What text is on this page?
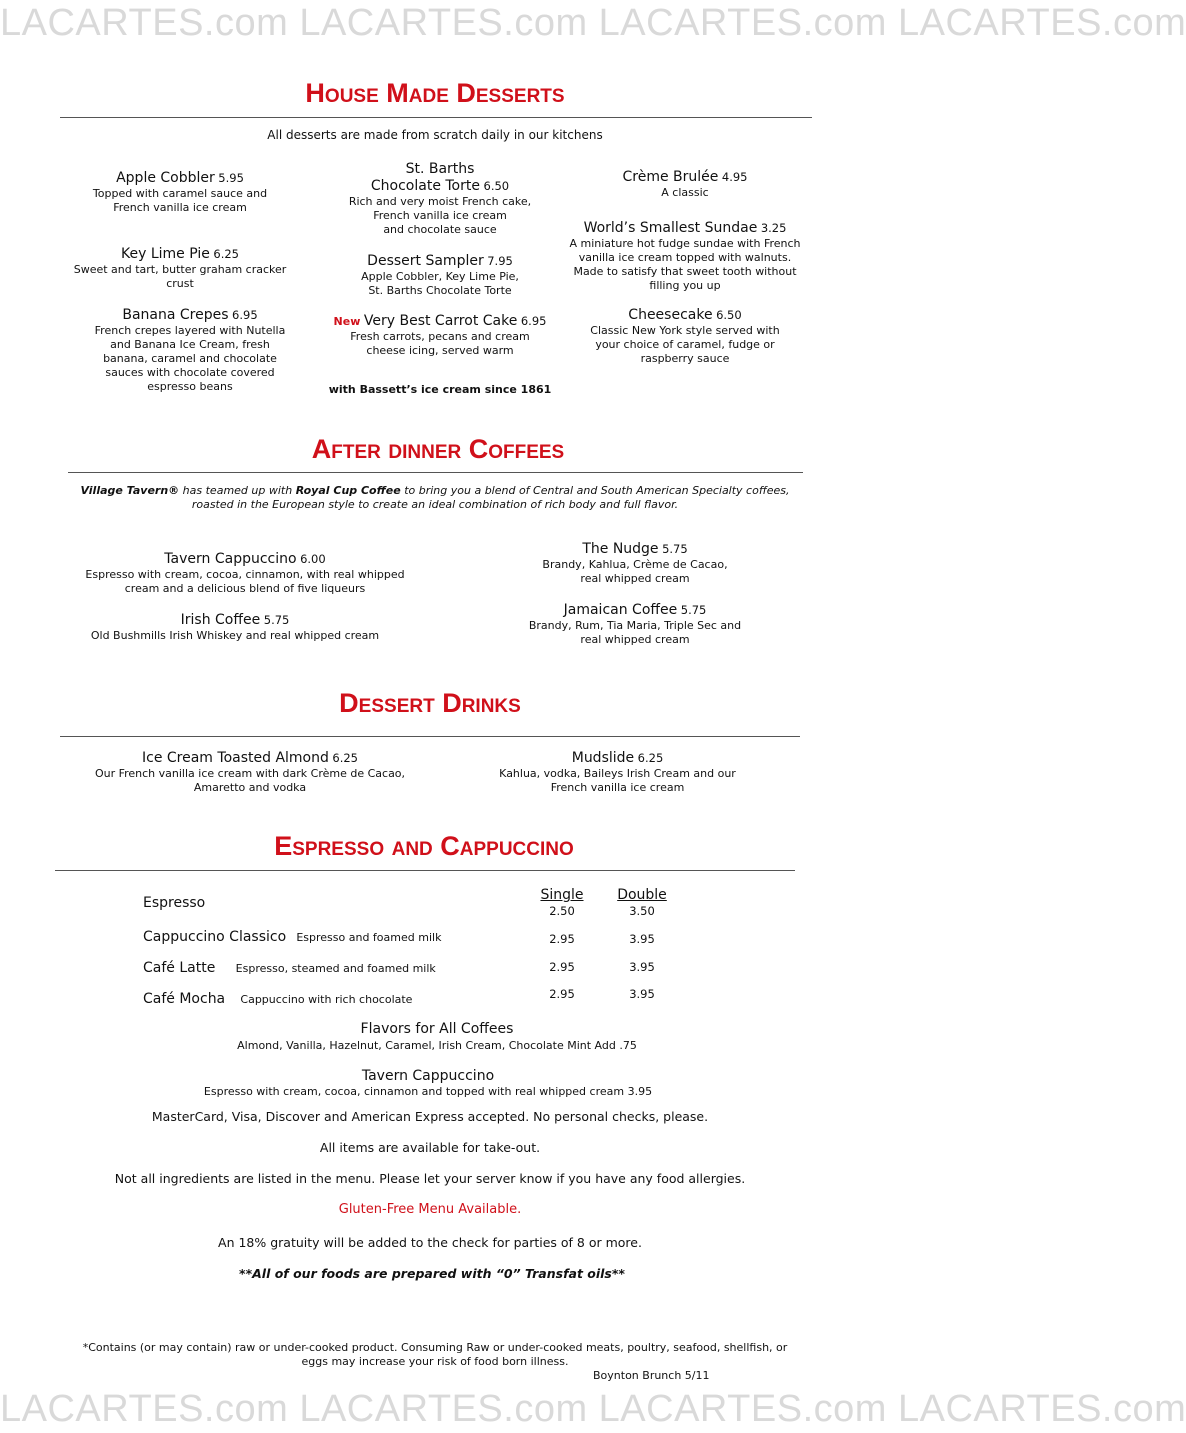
LACARTES.com LACARTES.com LACARTES.com LACARTES.com
LACARTES.com LACARTES.com LACARTES.com LACARTES.com
House Made Desserts
All desserts are made from scratch daily in our kitchens
Apple Cobbler 5.95
Topped with caramel sauce and
French vanilla ice cream
Key Lime Pie 6.25
Sweet and tart, butter graham cracker
crust
Banana Crepes 6.95
French crepes layered with Nutella
and Banana Ice Cream, fresh
banana, caramel and chocolate
sauces with chocolate covered
espresso beans
St. Barths
Chocolate Torte 6.50
Rich and very moist French cake,
French vanilla ice cream
and chocolate sauce
Dessert Sampler 7.95
Apple Cobbler, Key Lime Pie,
St. Barths Chocolate Torte
New Very Best Carrot Cake 6.95
Fresh carrots, pecans and cream
cheese icing, served warm
with Bassett’s ice cream since 1861
Crème Brulée 4.95
A classic
World’s Smallest Sundae 3.25
A miniature hot fudge sundae with French
vanilla ice cream topped with walnuts.
Made to satisfy that sweet tooth without
filling you up
Cheesecake 6.50
Classic New York style served with
your choice of caramel, fudge or
raspberry sauce
After dinner Coffees
Village Tavern® has teamed up with Royal Cup Coffee to bring you a blend of Central and South American Specialty coffees,
roasted in the European style to create an ideal combination of rich body and full flavor.
Tavern Cappuccino 6.00
Espresso with cream, cocoa, cinnamon, with real whipped
cream and a delicious blend of five liqueurs
Irish Coffee 5.75
Old Bushmills Irish Whiskey and real whipped cream
The Nudge 5.75
Brandy, Kahlua, Crème de Cacao,
real whipped cream
Jamaican Coffee 5.75
Brandy, Rum, Tia Maria, Triple Sec and
real whipped cream
Dessert Drinks
Ice Cream Toasted Almond 6.25
Our French vanilla ice cream with dark Crème de Cacao,
Amaretto and vodka
Mudslide 6.25
Kahlua, vodka, Baileys Irish Cream and our
French vanilla ice cream
Espresso and Cappuccino
Single Double
Espresso	2.50	3.50
Cappuccino Classico Espresso and foamed milk	2.95	3.95
Café Latte Espresso, steamed and foamed milk	2.95	3.95
Café Mocha Cappuccino with rich chocolate	2.95	3.95
Flavors for All Coffees
Almond, Vanilla, Hazelnut, Caramel, Irish Cream, Chocolate Mint Add .75
Tavern Cappuccino
Espresso with cream, cocoa, cinnamon and topped with real whipped cream 3.95
MasterCard, Visa, Discover and American Express accepted. No personal checks, please.
All items are available for take-out.
Not all ingredients are listed in the menu. Please let your server know if you have any food allergies.
Gluten-Free Menu Available.
An 18% gratuity will be added to the check for parties of 8 or more.
**All of our foods are prepared with “0” Transfat oils**
*Contains (or may contain) raw or under-cooked product. Consuming Raw or under-cooked meats, poultry, seafood, shellfish, or
eggs may increase your risk of food born illness.
Boynton Brunch 5/11
